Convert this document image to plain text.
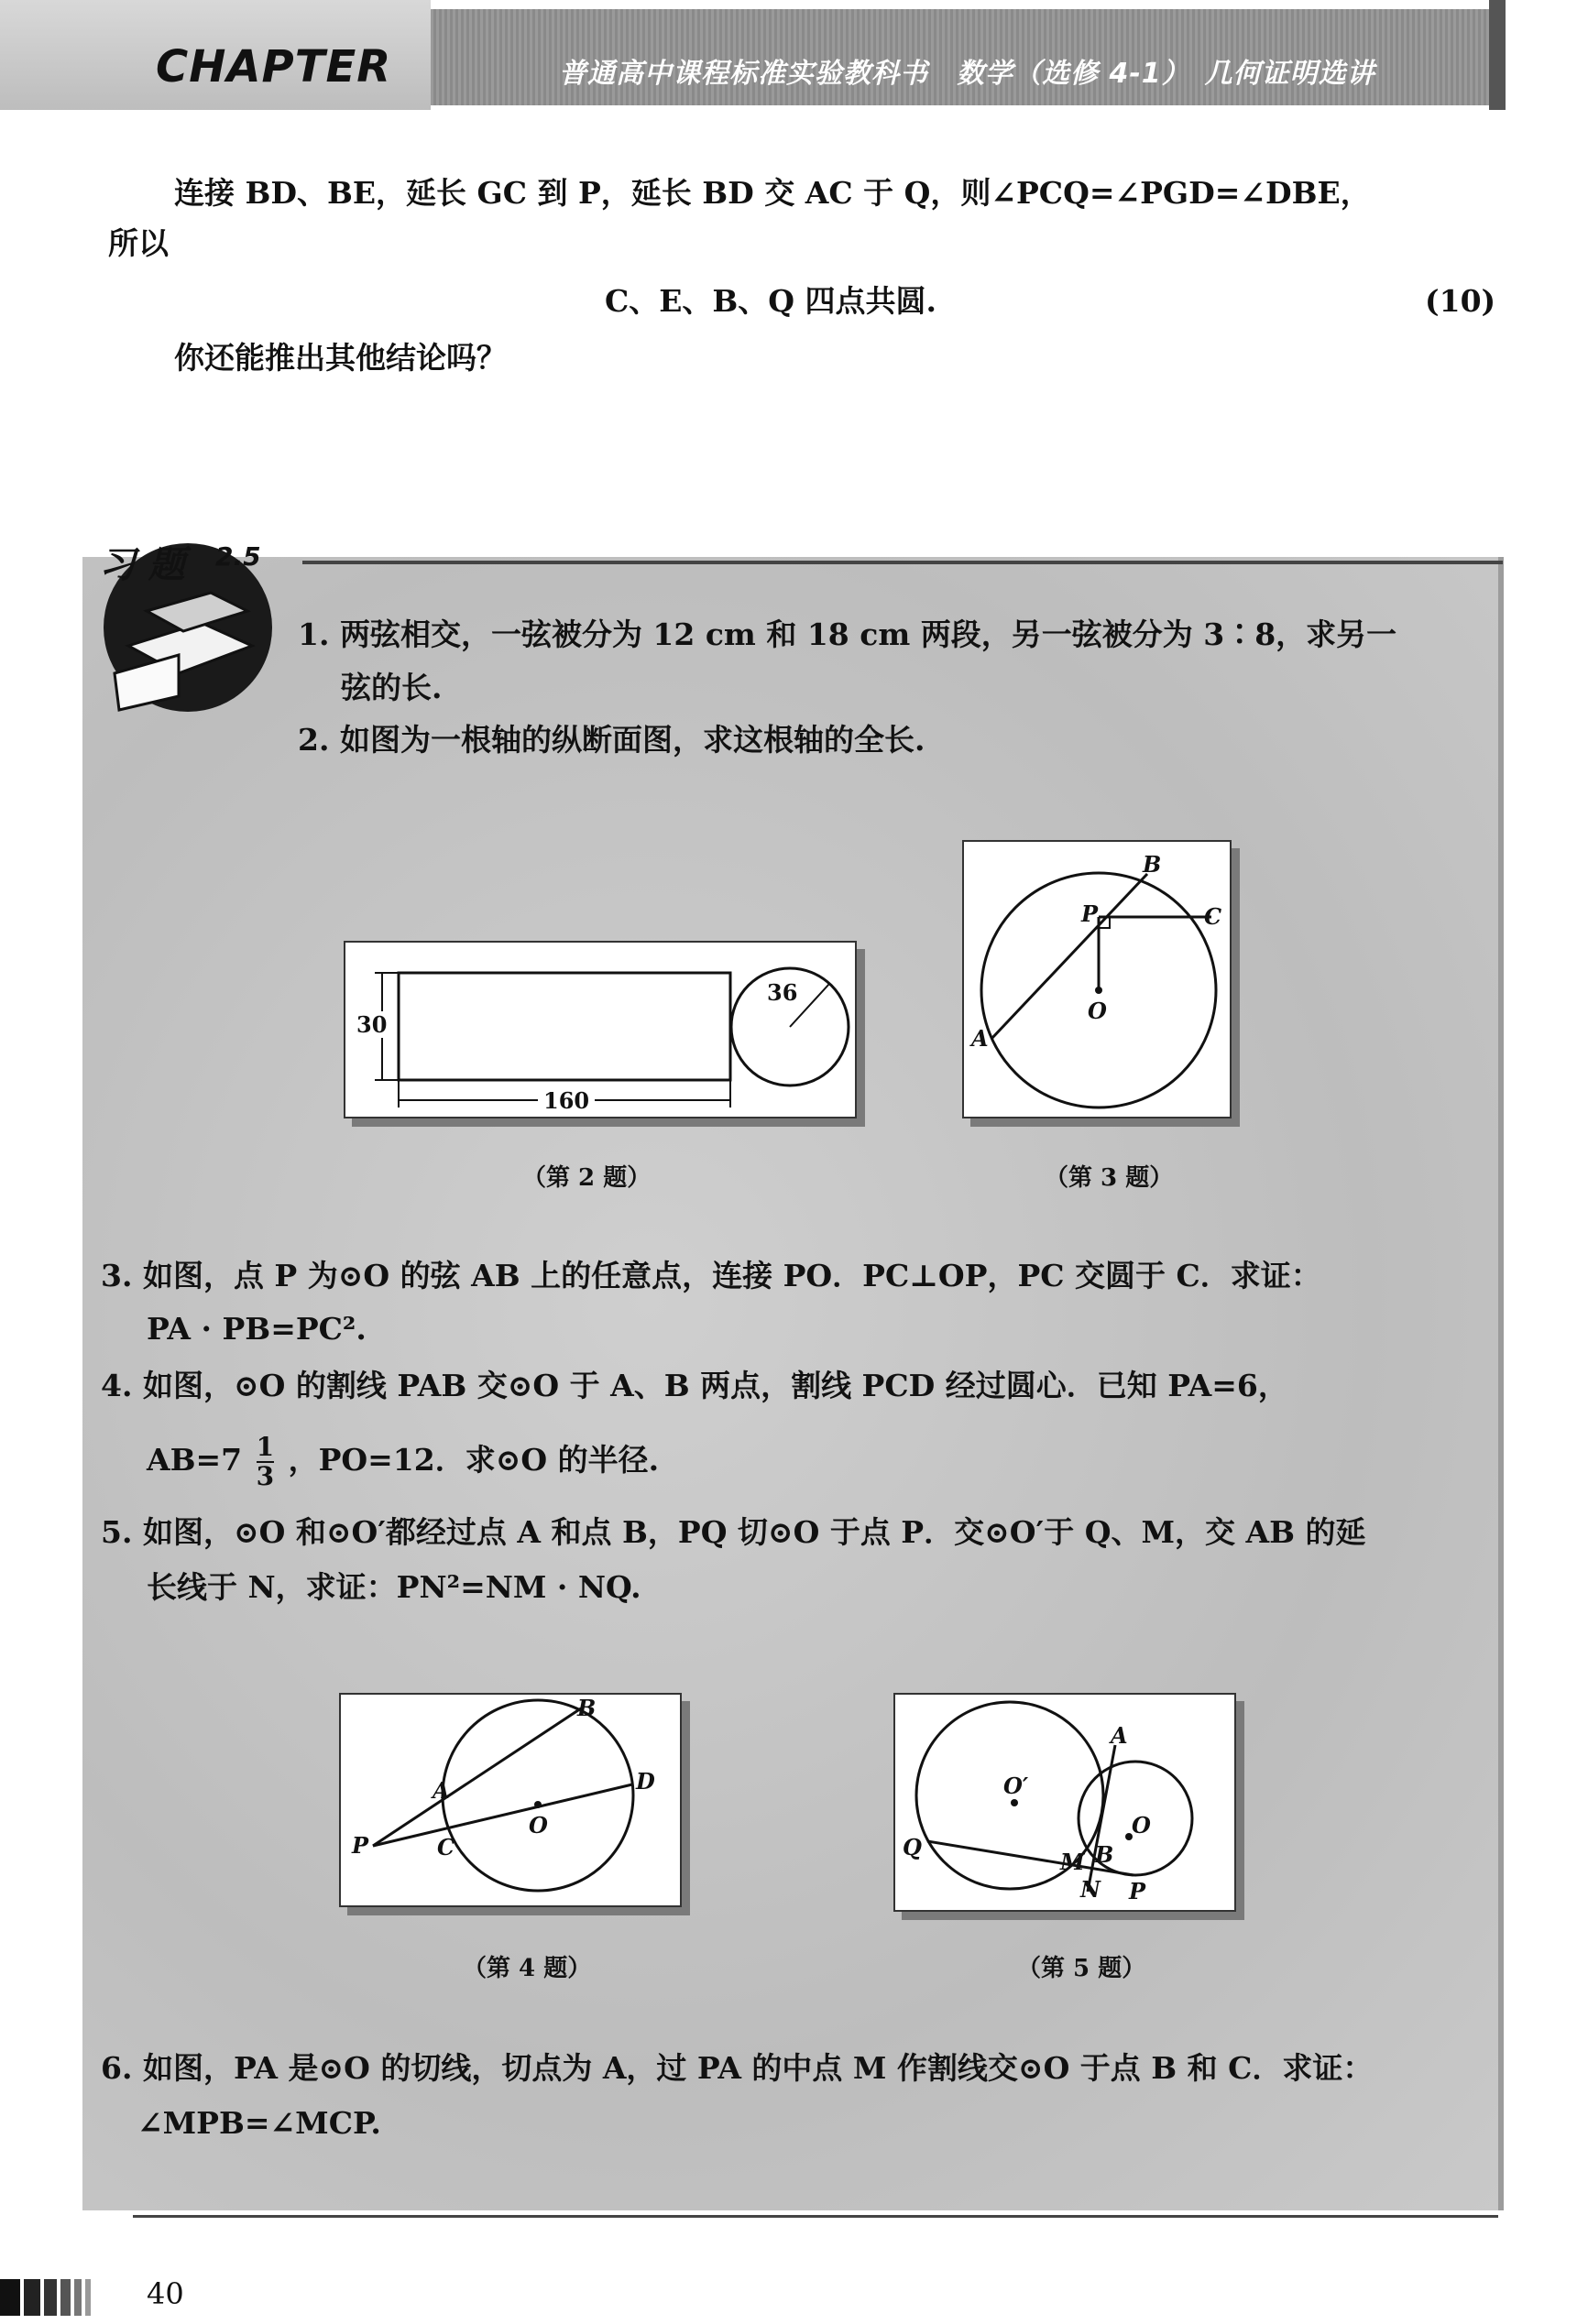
CHAPTER	普通高中课程标准实验教科书　数学（选修 4-1）　几何证明选讲
连接 BD、BE，延长 GC 到 P，延长 BD 交 AC 于 Q，则∠PCQ=∠PGD=∠DBE，
所以
C、E、B、Q 四点共圆.	(10)
你还能推出其他结论吗？
习 题 2.5
1. 两弦相交，一弦被分为 12 cm 和 18 cm 两段，另一弦被分为 3∶8，求另一
弦的长.
2. 如图为一根轴的纵断面图，求这根轴的全长.
30
160
36
（第 2 题）
A
B
C
P
O
（第 3 题）
3. 如图，点 P 为⊙O 的弦 AB 上的任意点，连接 PO．PC⊥OP，PC 交圆于 C．求证：
PA · PB=PC².
4. 如图，⊙O 的割线 PAB 交⊙O 于 A、B 两点，割线 PCD 经过圆心．已知 PA=6，
$AB=7 \frac{1}{3}$ ，PO=12．求⊙O 的半径.
5. 如图，⊙O 和⊙O′都经过点 A 和点 B，PQ 切⊙O 于点 P．交⊙O′于 Q、M，交 AB 的延
长线于 N，求证：PN²=NM · NQ.
P
A
B
C
D
O
（第 4 题）
Q
A
B
M
N P
O
O′
（第 5 题）
6. 如图，PA 是⊙O 的切线，切点为 A，过 PA 的中点 M 作割线交⊙O 于点 B 和 C．求证：
∠MPB=∠MCP.
40
